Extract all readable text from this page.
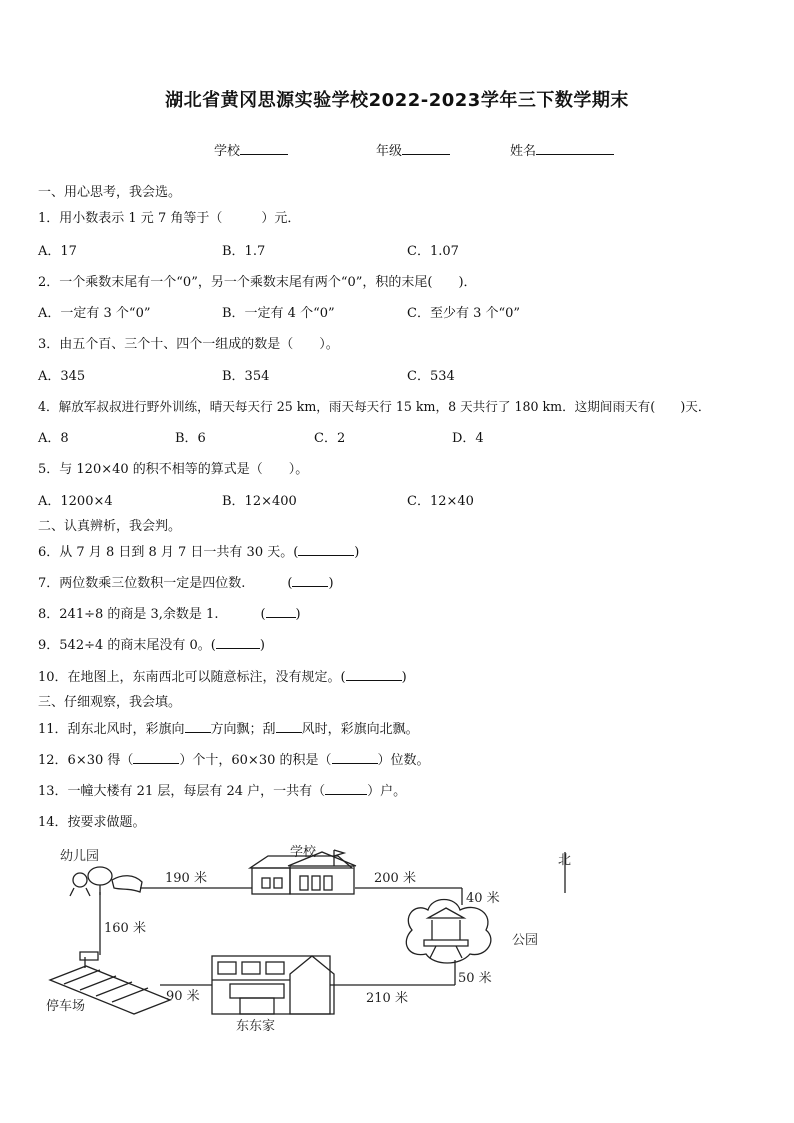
湖北省黄冈思源实验学校2022-2023学年三下数学期末
学校	年级	姓名
一、用心思考，我会选。
1．用小数表示 1 元 7 角等于（　　　）元．
A．17	B．1.7	C．1.07
2．一个乘数末尾有一个“0”，另一个乘数末尾有两个“0”，积的末尾(　　)．
A．一定有 3 个“0”	B．一定有 4 个“0”	C．至少有 3 个“0”
3．由五个百、三个十、四个一组成的数是（　　）。
A．345	B．354	C．534
4．解放军叔叔进行野外训练，晴天每天行 25 km，雨天每天行 15 km，8 天共行了 180 km．这期间雨天有(　　)天．
A．8	B．6	C．2	D．4
5．与 120×40 的积不相等的算式是（　　）。
A．1200×4	B．12×400	C．12×40
二、认真辨析，我会判。
6．从 7 月 8 日到 8 月 7 日一共有 30 天。(	)
7．两位数乘三位数积一定是四位数.	(	)
8．241÷8 的商是 3,余数是 1.	( )
9．542÷4 的商末尾没有 0。(	)
10．在地图上，东南西北可以随意标注，没有规定。(	)
三、仔细观察，我会填。
11．刮东北风时，彩旗向 方向飘；刮 风时，彩旗向北飘。
12．6×30 得（	）个十，60×30 的积是（	）位数。
13．一幢大楼有 21 层，每层有 24 户，一共有（	）户。
14．按要求做题。
幼儿园	学校
北
公园
停车场
东东家
190 米	200 米
40 米
160 米
90 米	210 米
50 米
